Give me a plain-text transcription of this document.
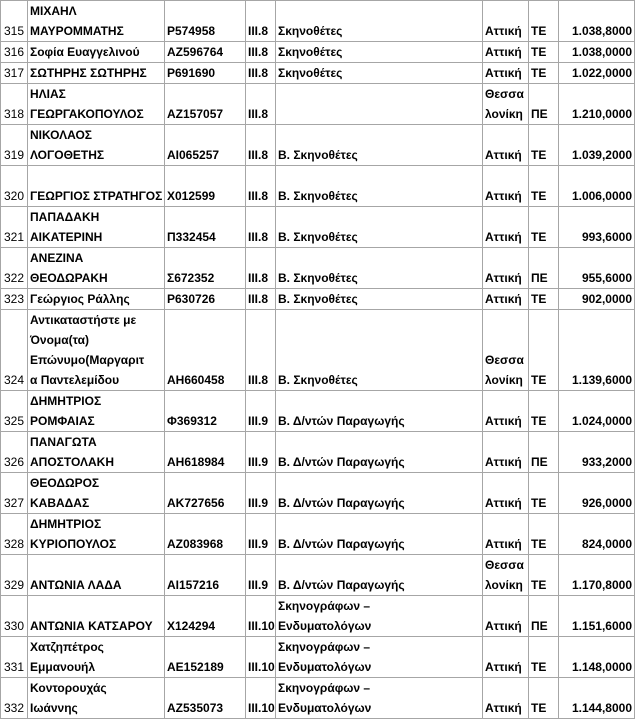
315	ΜΙΧΑΗΛ
ΜΑΥΡΟΜΜΑΤΗΣ	Ρ574958	ΙΙΙ.8	Σκηνοθέτες	Αττική	ΤΕ	1.038,8000
316	Σοφία Ευαγγελινού	ΑΖ596764	ΙΙΙ.8	Σκηνοθέτες	Αττική	ΤΕ	1.038,0000
317	ΣΩΤΗΡΗΣ ΣΩΤΗΡΗΣ	Ρ691690	ΙΙΙ.8	Σκηνοθέτες	Αττική	ΤΕ	1.022,0000
318	ΗΛΙΑΣ
ΓΕΩΡΓΑΚΟΠΟΥΛΟΣ	ΑΖ157057	ΙΙΙ.8		Θεσσα
λονίκη	ΠΕ	1.210,0000
319	ΝΙΚΟΛΑΟΣ
ΛΟΓΟΘΕΤΗΣ	ΑΙ065257	ΙΙΙ.8	Β. Σκηνοθέτες	Αττική	ΤΕ	1.039,2000
320	ΓΕΩΡΓΙΟΣ ΣΤΡΑΤΗΓΟΣ	Χ012599	ΙΙΙ.8	Β. Σκηνοθέτες	Αττική	ΤΕ	1.006,0000
321	ΠΑΠΑΔΑΚΗ
ΑΙΚΑΤΕΡΙΝΗ	Π332454	ΙΙΙ.8	Β. Σκηνοθέτες	Αττική	ΤΕ	993,6000
322	ΑΝΕΖΙΝΑ
ΘΕΟΔΩΡΑΚΗ	Σ672352	ΙΙΙ.8	Β. Σκηνοθέτες	Αττική	ΠΕ	955,6000
323	Γεώργιος Ράλλης	Ρ630726	ΙΙΙ.8	Β. Σκηνοθέτες	Αττική	ΤΕ	902,0000
324	Αντικαταστήστε με
Όνομα(τα)
Επώνυμο(Μαργαριτ
α Παντελεμίδου	ΑΗ660458	ΙΙΙ.8	Β. Σκηνοθέτες	Θεσσα
λονίκη	ΤΕ	1.139,6000
325	ΔΗΜΗΤΡΙΟΣ
ΡΟΜΦΑΙΑΣ	Φ369312	ΙΙΙ.9	Β. Δ/ντών Παραγωγής	Αττική	ΤΕ	1.024,0000
326	ΠΑΝΑΓΩΤΑ
ΑΠΟΣΤΟΛΑΚΗ	ΑΗ618984	ΙΙΙ.9	Β. Δ/ντών Παραγωγής	Αττική	ΠΕ	933,2000
327	ΘΕΟΔΩΡΟΣ
ΚΑΒΑΔΑΣ	ΑΚ727656	ΙΙΙ.9	Β. Δ/ντών Παραγωγής	Αττική	ΤΕ	926,0000
328	ΔΗΜΗΤΡΙΟΣ
ΚΥΡΙΟΠΟΥΛΟΣ	ΑΖ083968	ΙΙΙ.9	Β. Δ/ντών Παραγωγής	Αττική	ΤΕ	824,0000
329	ΑΝΤΩΝΙΑ ΛΑΔΑ	ΑΙ157216	ΙΙΙ.9	Β. Δ/ντών Παραγωγής	Θεσσα
λονίκη	ΤΕ	1.170,8000
330	ΑΝΤΩΝΙΑ ΚΑΤΣΑΡΟΥ	Χ124294	ΙΙΙ.10	Σκηνογράφων –
Ενδυματολόγων	Αττική	ΠΕ	1.151,6000
331	Χατζηπέτρος
Εμμανουήλ	ΑΕ152189	ΙΙΙ.10	Σκηνογράφων –
Ενδυματολόγων	Αττική	ΤΕ	1.148,0000
332	Κοντορουχάς
Ιωάννης	ΑΖ535073	ΙΙΙ.10	Σκηνογράφων –
Ενδυματολόγων	Αττική	ΤΕ	1.144,8000
